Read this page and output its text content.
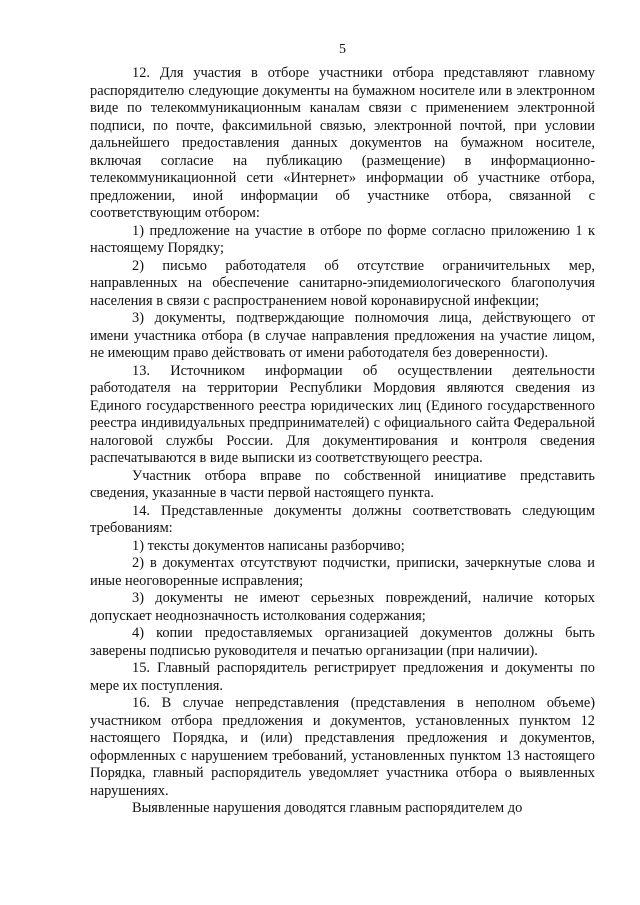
5

12. Для участия в отборе участники отбора представляют главному распорядителю следующие документы на бумажном носителе или в электронном виде по телекоммуникационным каналам связи с применением электронной подписи, по почте, факсимильной связью, электронной почтой, при условии дальнейшего предоставления данных документов на бумажном носителе, включая согласие на публикацию (размещение) в информационно-телекоммуникационной сети «Интернет» информации об участнике отбора, предложении, иной информации об участнике отбора, связанной с соответствующим отбором:

1) предложение на участие в отборе по форме согласно приложению 1 к настоящему Порядку;

2) письмо работодателя об отсутствие ограничительных мер, направленных на обеспечение санитарно-эпидемиологического благополучия населения в связи с распространением новой коронавирусной инфекции;

3) документы, подтверждающие полномочия лица, действующего от имени участника отбора (в случае направления предложения на участие лицом, не имеющим право действовать от имени работодателя без доверенности).

13. Источником информации об осуществлении деятельности работодателя на территории Республики Мордовия являются сведения из Единого государственного реестра юридических лиц (Единого государственного реестра индивидуальных предпринимателей) с официального сайта Федеральной налоговой службы России. Для документирования и контроля сведения распечатываются в виде выписки из соответствующего реестра.

Участник отбора вправе по собственной инициативе представить сведения, указанные в части первой настоящего пункта.

14. Представленные документы должны соответствовать следующим требованиям:

1) тексты документов написаны разборчиво;

2) в документах отсутствуют подчистки, приписки, зачеркнутые слова и иные неоговоренные исправления;

3) документы не имеют серьезных повреждений, наличие которых допускает неоднозначность истолкования содержания;

4) копии предоставляемых организацией документов должны быть заверены подписью руководителя и печатью организации (при наличии).

15. Главный распорядитель регистрирует предложения и документы по мере их поступления.

16. В случае непредставления (представления в неполном объеме) участником отбора предложения и документов, установленных пунктом 12 настоящего Порядка, и (или) представления предложения и документов, оформленных с нарушением требований, установленных пунктом 13 настоящего Порядка, главный распорядитель уведомляет участника отбора о выявленных нарушениях.

Выявленные нарушения доводятся главным распорядителем до
